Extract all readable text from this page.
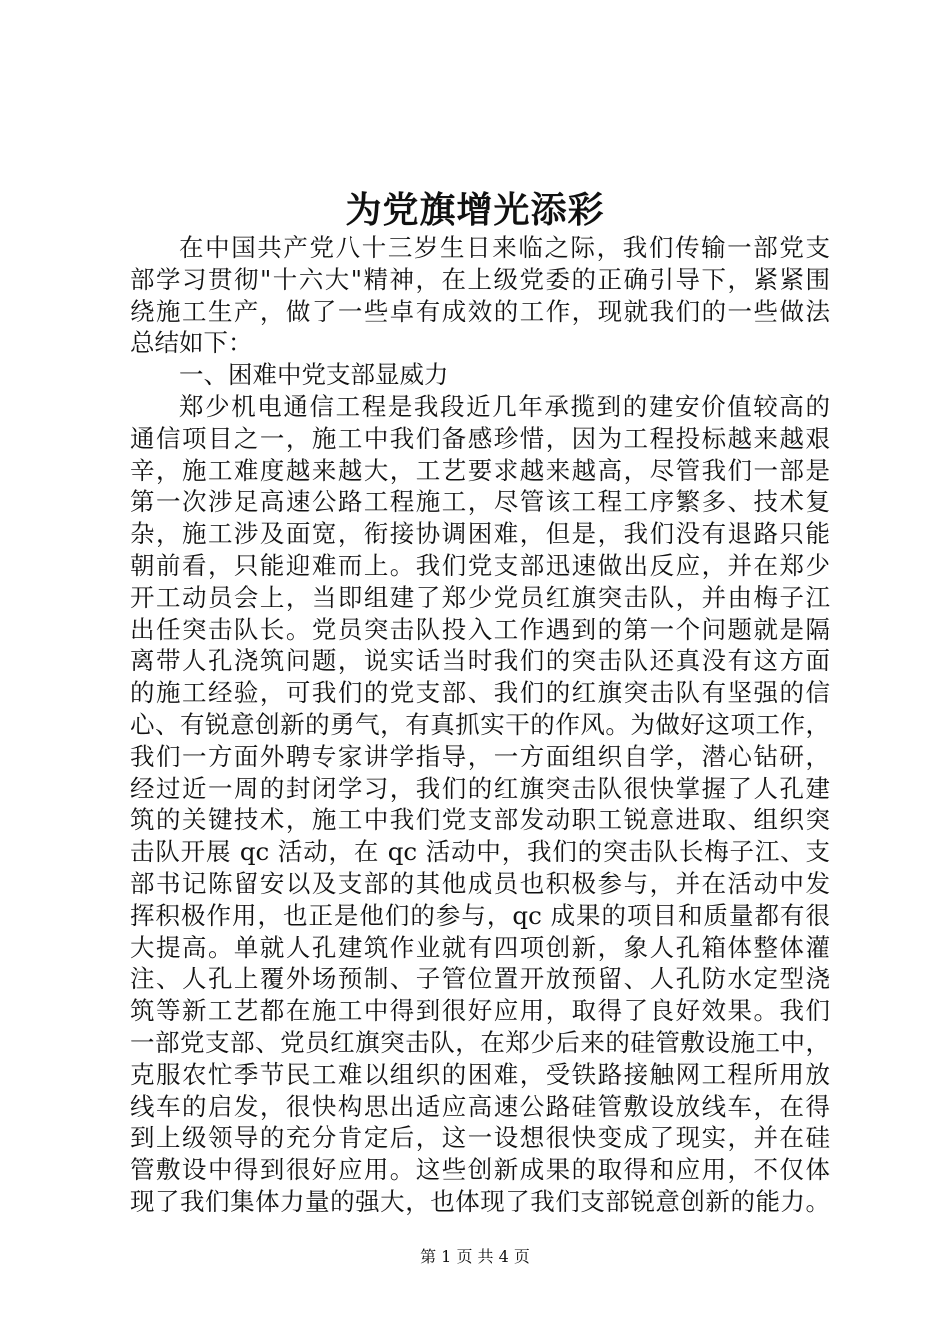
为党旗增光添彩
在中国共产党八十三岁生日来临之际，我们传输一部党支
部学习贯彻"十六大"精神，在上级党委的正确引导下，紧紧围
绕施工生产，做了一些卓有成效的工作，现就我们的一些做法
总结如下：
一、困难中党支部显威力
郑少机电通信工程是我段近几年承揽到的建安价值较高的
通信项目之一，施工中我们备感珍惜，因为工程投标越来越艰
辛，施工难度越来越大，工艺要求越来越高，尽管我们一部是
第一次涉足高速公路工程施工，尽管该工程工序繁多、技术复
杂，施工涉及面宽，衔接协调困难，但是，我们没有退路只能
朝前看，只能迎难而上。我们党支部迅速做出反应，并在郑少
开工动员会上，当即组建了郑少党员红旗突击队，并由梅子江
出任突击队长。党员突击队投入工作遇到的第一个问题就是隔
离带人孔浇筑问题，说实话当时我们的突击队还真没有这方面
的施工经验，可我们的党支部、我们的红旗突击队有坚强的信
心、有锐意创新的勇气，有真抓实干的作风。为做好这项工作，
我们一方面外聘专家讲学指导，一方面组织自学，潜心钻研，
经过近一周的封闭学习，我们的红旗突击队很快掌握了人孔建
筑的关键技术，施工中我们党支部发动职工锐意进取、组织突
击队开展 qc 活动，在 qc 活动中，我们的突击队长梅子江、支
部书记陈留安以及支部的其他成员也积极参与，并在活动中发
挥积极作用，也正是他们的参与，qc 成果的项目和质量都有很
大提高。单就人孔建筑作业就有四项创新，象人孔箱体整体灌
注、人孔上覆外场预制、子管位置开放预留、人孔防水定型浇
筑等新工艺都在施工中得到很好应用，取得了良好效果。我们
一部党支部、党员红旗突击队，在郑少后来的硅管敷设施工中，
克服农忙季节民工难以组织的困难，受铁路接触网工程所用放
线车的启发，很快构思出适应高速公路硅管敷设放线车，在得
到上级领导的充分肯定后，这一设想很快变成了现实，并在硅
管敷设中得到很好应用。这些创新成果的取得和应用，不仅体
现了我们集体力量的强大，也体现了我们支部锐意创新的能力。
第 1 页 共 4 页
